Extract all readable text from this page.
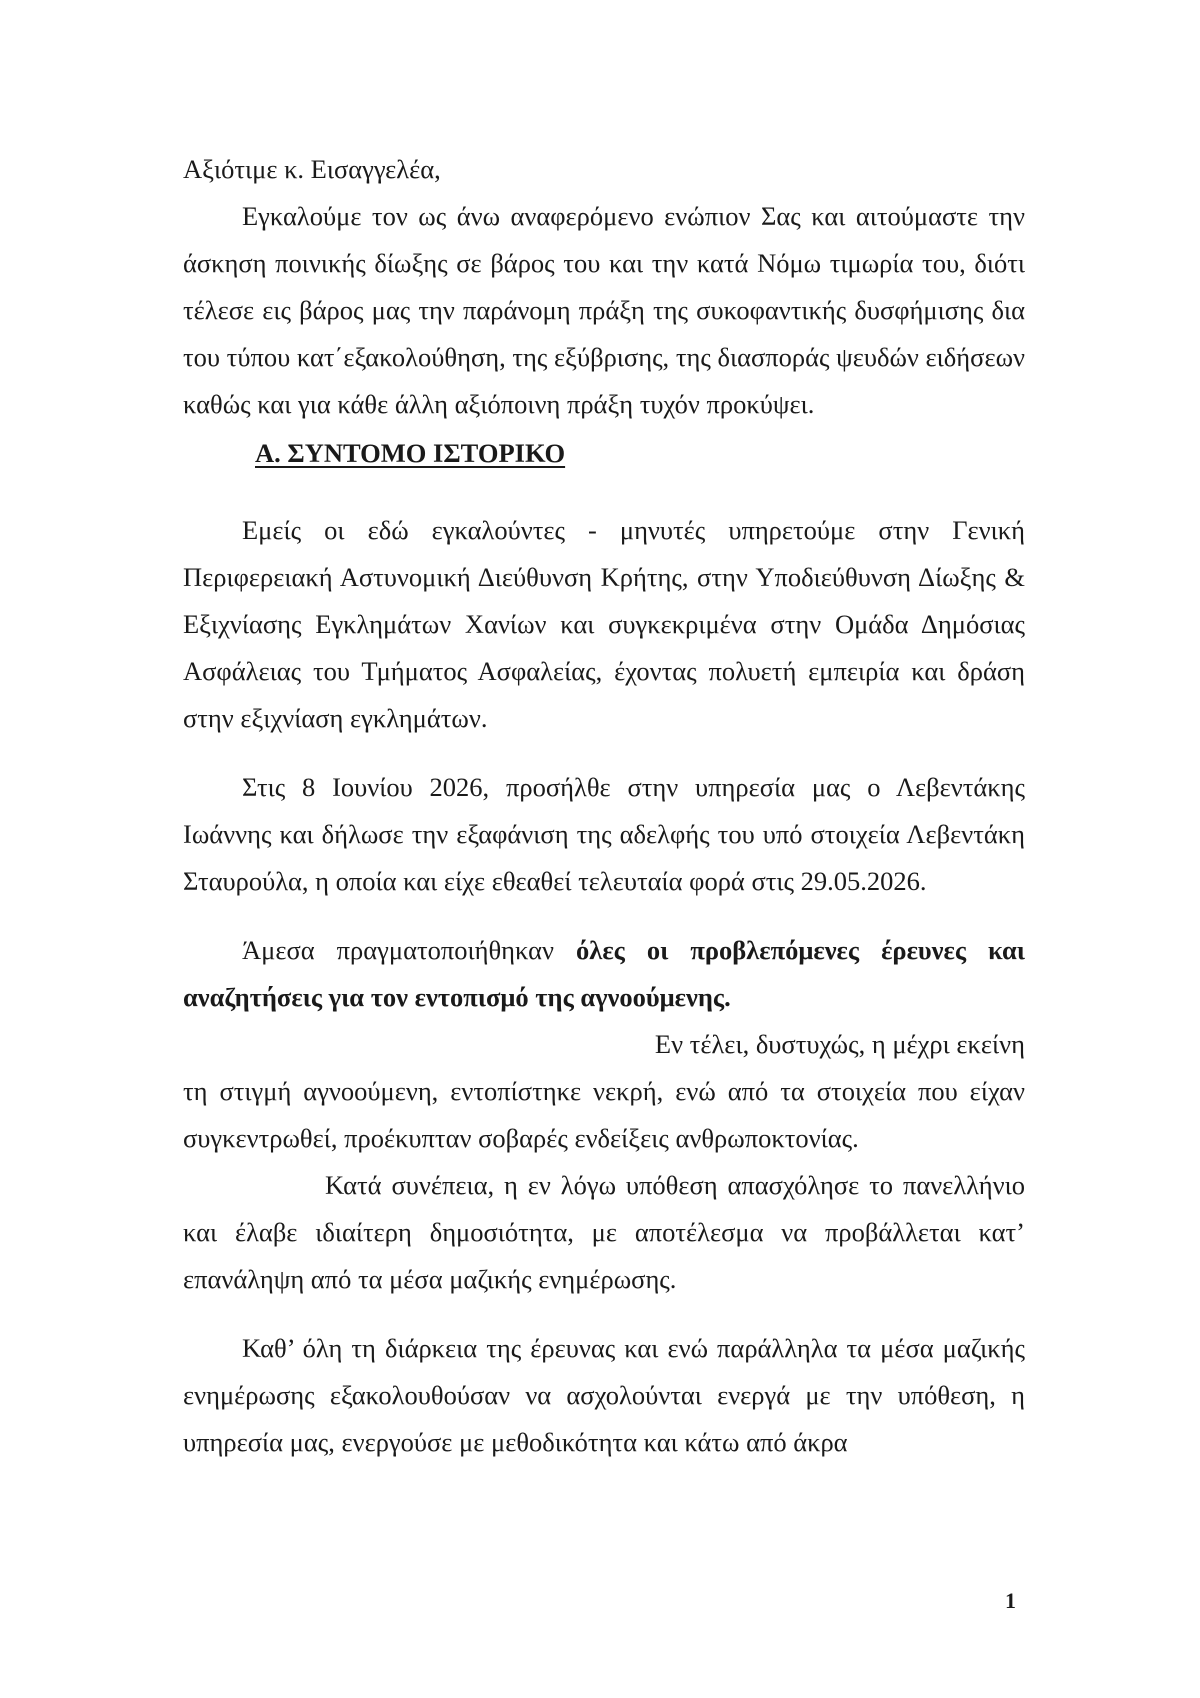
Αξιότιμε κ. Εισαγγελέα,

Εγκαλούμε τον ως άνω αναφερόμενο ενώπιον Σας και αιτούμαστε την άσκηση ποινικής δίωξης σε βάρος του και την κατά Νόμω τιμωρία του, διότι τέλεσε εις βάρος μας την παράνομη πράξη της συκοφαντικής δυσφήμισης δια του τύπου κατ΄εξακολούθηση, της εξύβρισης, της διασποράς ψευδών ειδήσεων καθώς και για κάθε άλλη αξιόποινη πράξη τυχόν προκύψει.

Α. ΣΥΝΤΟΜΟ ΙΣΤΟΡΙΚΟ

Εμείς οι εδώ εγκαλούντες - μηνυτές υπηρετούμε στην Γενική Περιφερειακή Αστυνομική Διεύθυνση Κρήτης, στην Υποδιεύθυνση Δίωξης & Εξιχνίασης Εγκλημάτων Χανίων και συγκεκριμένα στην Ομάδα Δημόσιας Ασφάλειας του Τμήματος Ασφαλείας, έχοντας πολυετή εμπειρία και δράση στην εξιχνίαση εγκλημάτων.

Στις 8 Ιουνίου 2026, προσήλθε στην υπηρεσία μας ο Λεβεντάκης Ιωάννης και δήλωσε την εξαφάνιση της αδελφής του υπό στοιχεία Λεβεντάκη Σταυρούλα, η οποία και είχε εθεαθεί τελευταία φορά στις 29.05.2026.

Άμεσα πραγματοποιήθηκαν όλες οι προβλεπόμενες έρευνες και αναζητήσεις για τον εντοπισμό της αγνοούμενης.

Εν τέλει, δυστυχώς, η μέχρι εκείνη

τη στιγμή αγνοούμενη, εντοπίστηκε νεκρή, ενώ από τα στοιχεία που είχαν συγκεντρωθεί, προέκυπταν σοβαρές ενδείξεις ανθρωποκτονίας.

Κατά συνέπεια, η εν λόγω υπόθεση απασχόλησε το πανελλήνιο και έλαβε ιδιαίτερη δημοσιότητα, με αποτέλεσμα να προβάλλεται κατ’ επανάληψη από τα μέσα μαζικής ενημέρωσης.

Καθ’ όλη τη διάρκεια της έρευνας και ενώ παράλληλα τα μέσα μαζικής ενημέρωσης εξακολουθούσαν να ασχολούνται ενεργά με την υπόθεση, η υπηρεσία μας, ενεργούσε με μεθοδικότητα και κάτω από άκρα

1
